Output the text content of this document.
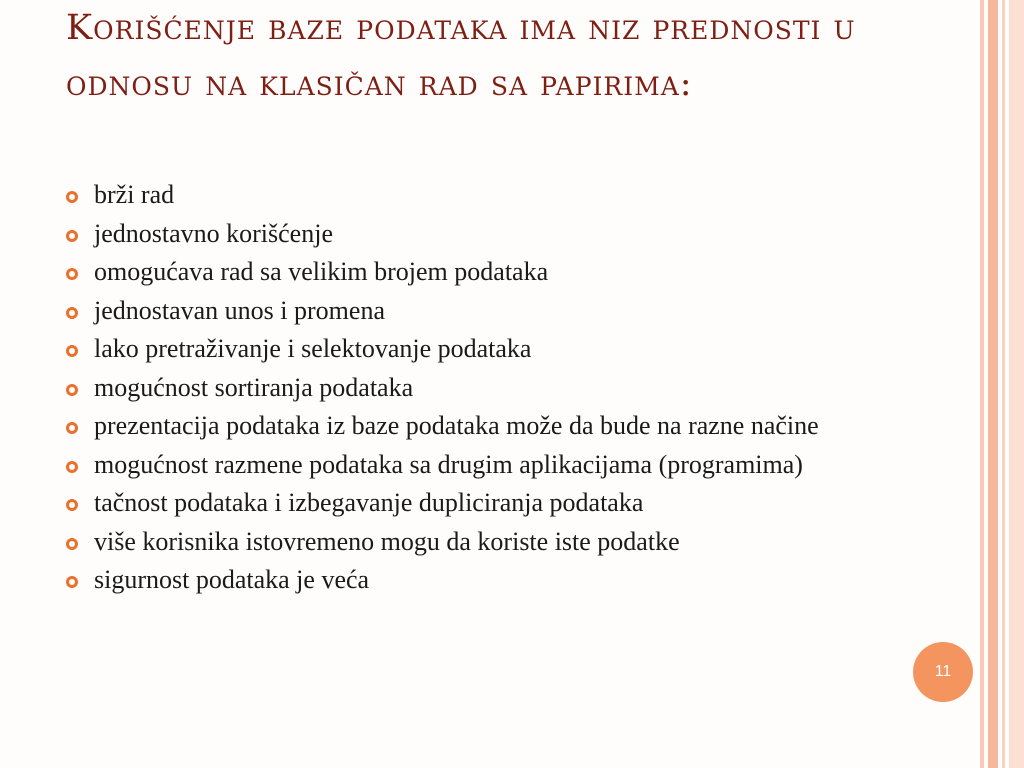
Korišćenje baze podataka ima niz prednosti u odnosu na klasičan rad sa papirima:
brži rad
jednostavno korišćenje
omogućava rad sa velikim brojem podataka
jednostavan unos i promena
lako pretraživanje i selektovanje podataka
mogućnost sortiranja podataka
prezentacija podataka iz baze podataka može da bude na razne načine
mogućnost razmene podataka sa drugim aplikacijama (programima)
tačnost podataka i izbegavanje dupliciranja podataka
više korisnika istovremeno mogu da koriste iste podatke
sigurnost podataka je veća
11
